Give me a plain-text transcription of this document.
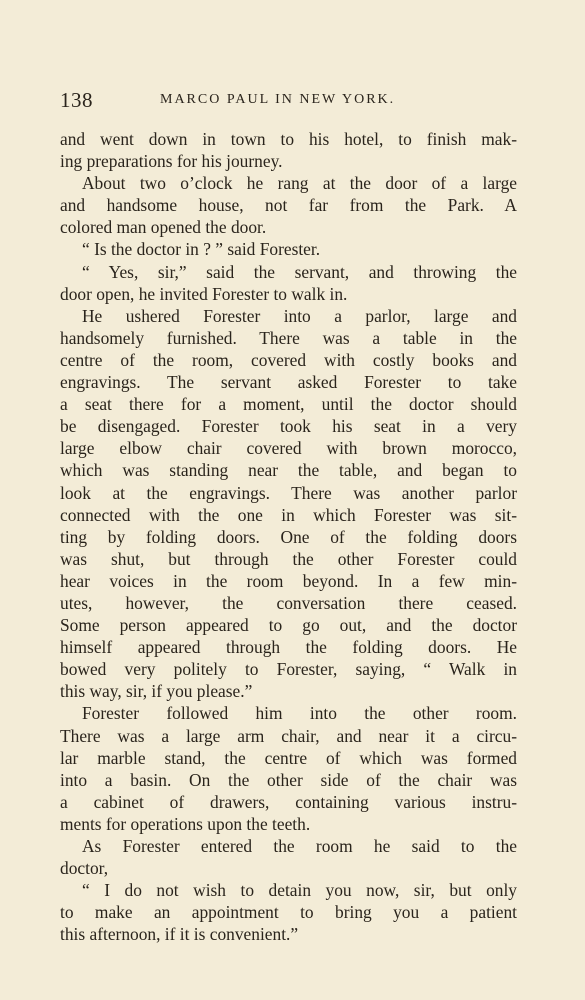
138	MARCO PAUL IN NEW YORK.
and went down in town to his hotel, to finish mak-
ing preparations for his journey.
About two o’clock he rang at the door of a large
and handsome house, not far from the Park. A
colored man opened the door.
“ Is the doctor in ? ” said Forester.
“ Yes, sir,” said the servant, and throwing the
door open, he invited Forester to walk in.
He ushered Forester into a parlor, large and
handsomely furnished. There was a table in the
centre of the room, covered with costly books and
engravings. The servant asked Forester to take
a seat there for a moment, until the doctor should
be disengaged. Forester took his seat in a very
large elbow chair covered with brown morocco,
which was standing near the table, and began to
look at the engravings. There was another parlor
connected with the one in which Forester was sit-
ting by folding doors. One of the folding doors
was shut, but through the other Forester could
hear voices in the room beyond. In a few min-
utes, however, the conversation there ceased.
Some person appeared to go out, and the doctor
himself appeared through the folding doors. He
bowed very politely to Forester, saying, “ Walk in
this way, sir, if you please.”
Forester followed him into the other room.
There was a large arm chair, and near it a circu-
lar marble stand, the centre of which was formed
into a basin. On the other side of the chair was
a cabinet of drawers, containing various instru-
ments for operations upon the teeth.
As Forester entered the room he said to the
doctor,
“ I do not wish to detain you now, sir, but only
to make an appointment to bring you a patient
this afternoon, if it is convenient.”
